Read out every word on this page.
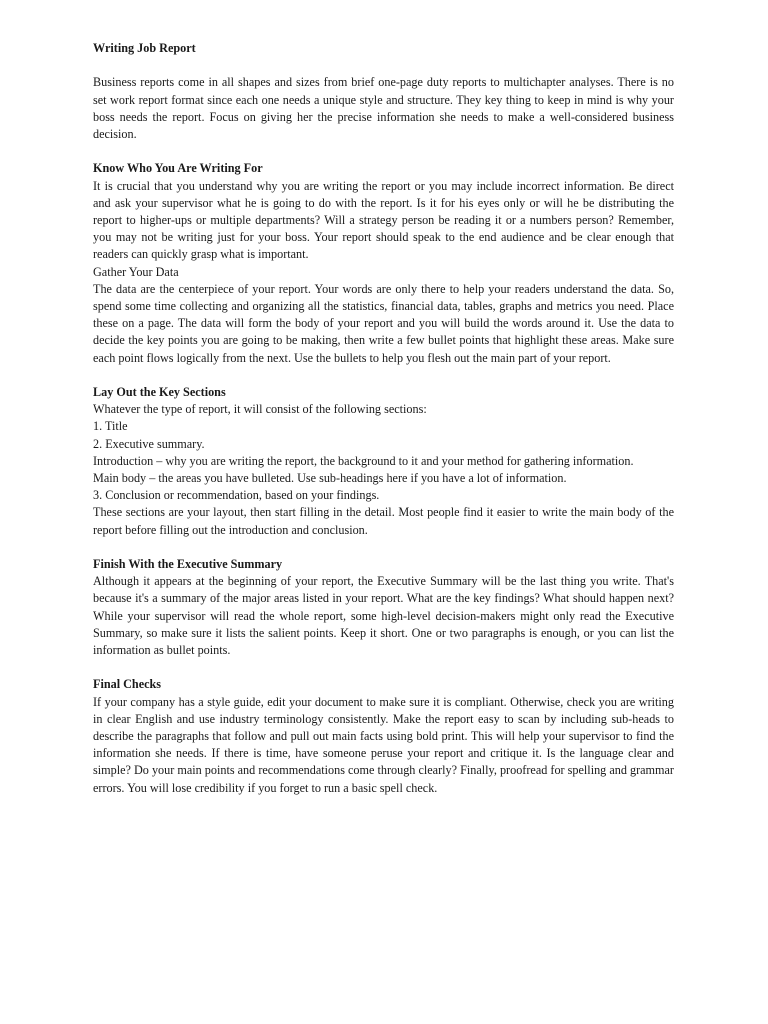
Writing Job Report

Business reports come in all shapes and sizes from brief one-page duty reports to multichapter analyses. There is no set work report format since each one needs a unique style and structure. They key thing to keep in mind is why your boss needs the report. Focus on giving her the precise information she needs to make a well-considered business decision.

Know Who You Are Writing For

It is crucial that you understand why you are writing the report or you may include incorrect information. Be direct and ask your supervisor what he is going to do with the report. Is it for his eyes only or will he be distributing the report to higher-ups or multiple departments? Will a strategy person be reading it or a numbers person? Remember, you may not be writing just for your boss. Your report should speak to the end audience and be clear enough that readers can quickly grasp what is important.

Gather Your Data

The data are the centerpiece of your report. Your words are only there to help your readers understand the data. So, spend some time collecting and organizing all the statistics, financial data, tables, graphs and metrics you need. Place these on a page. The data will form the body of your report and you will build the words around it. Use the data to decide the key points you are going to be making, then write a few bullet points that highlight these areas. Make sure each point flows logically from the next. Use the bullets to help you flesh out the main part of your report.

Lay Out the Key Sections

Whatever the type of report, it will consist of the following sections:

1. Title

2. Executive summary.

Introduction – why you are writing the report, the background to it and your method for gathering information.

Main body – the areas you have bulleted. Use sub-headings here if you have a lot of information.

3. Conclusion or recommendation, based on your findings.

These sections are your layout, then start filling in the detail. Most people find it easier to write the main body of the report before filling out the introduction and conclusion.

Finish With the Executive Summary

Although it appears at the beginning of your report, the Executive Summary will be the last thing you write. That's because it's a summary of the major areas listed in your report. What are the key findings? What should happen next? While your supervisor will read the whole report, some high-level decision-makers might only read the Executive Summary, so make sure it lists the salient points. Keep it short. One or two paragraphs is enough, or you can list the information as bullet points.

Final Checks

If your company has a style guide, edit your document to make sure it is compliant. Otherwise, check you are writing in clear English and use industry terminology consistently. Make the report easy to scan by including sub-heads to describe the paragraphs that follow and pull out main facts using bold print. This will help your supervisor to find the information she needs. If there is time, have someone peruse your report and critique it. Is the language clear and simple? Do your main points and recommendations come through clearly? Finally, proofread for spelling and grammar errors. You will lose credibility if you forget to run a basic spell check.
